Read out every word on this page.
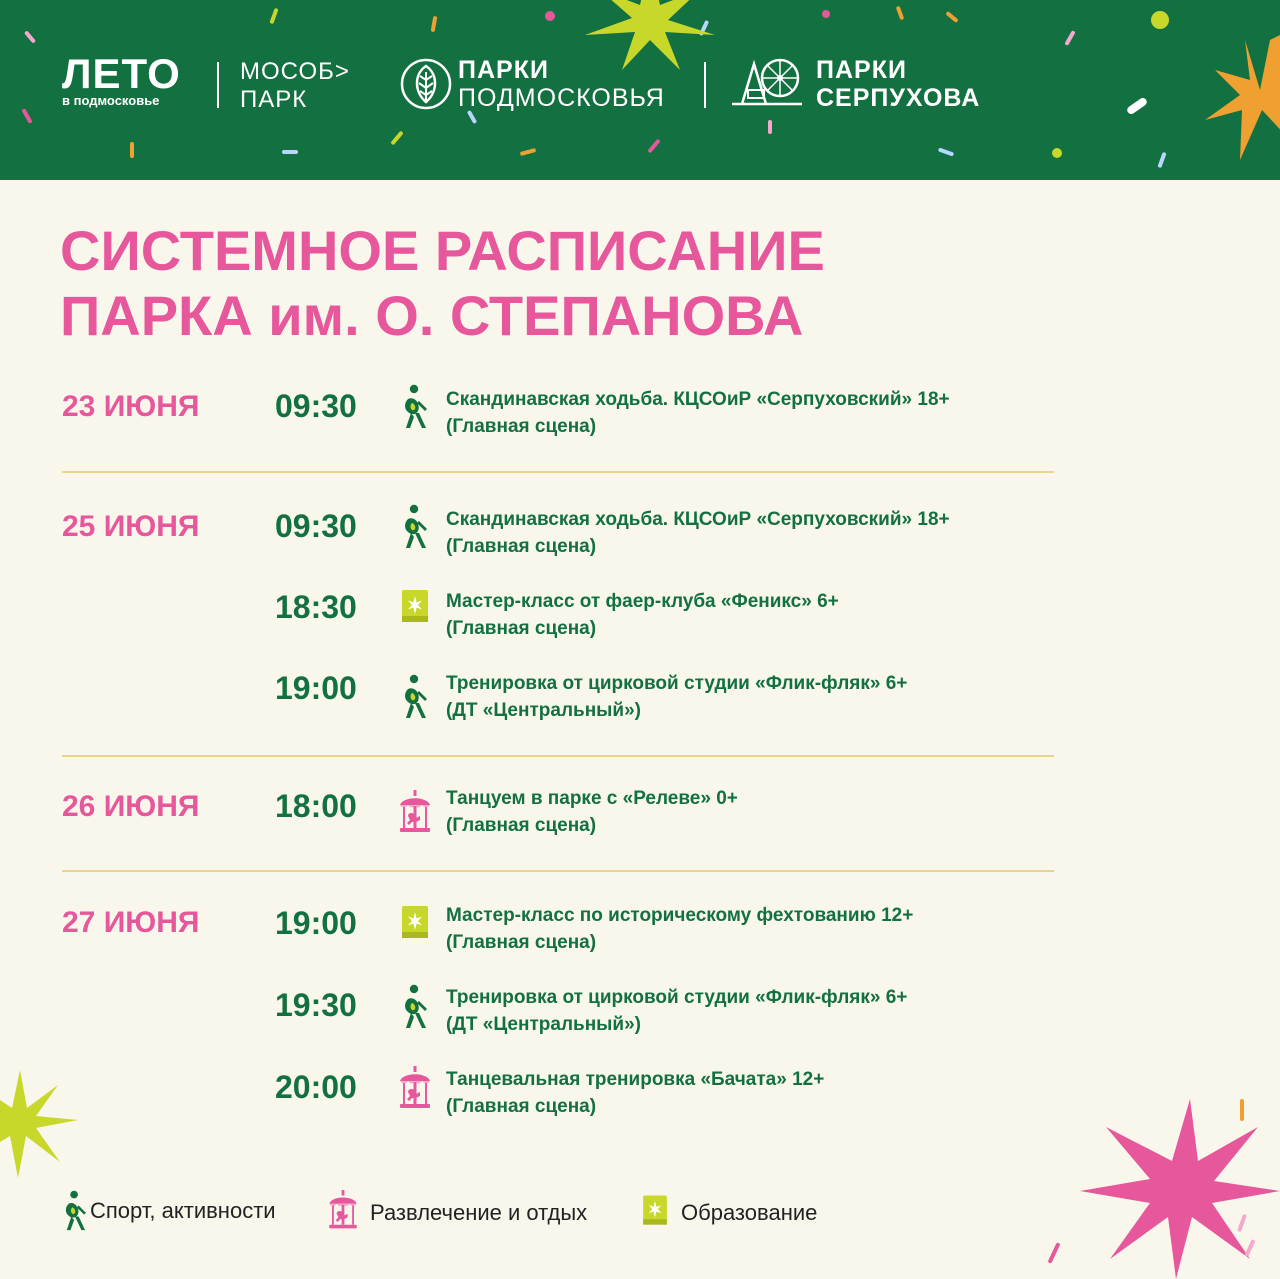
ЛЕТО
в подмосковье
МОСОБ>
ПАРК
ПАРКИ
ПОДМОСКОВЬЯ
ПАРКИ
СЕРПУХОВА
СИСТЕМНОЕ РАСПИСАНИЕ
ПАРКА им. О. СТЕПАНОВА
23 ИЮНЯ 09:30	Скандинавская ходьба. КЦСОиР «Серпуховский» 18+
(Главная сцена)
25 ИЮНЯ 09:30	Скандинавская ходьба. КЦСОиР «Серпуховский» 18+
(Главная сцена)
18:30	Мастер-класс от фаер-клуба «Феникс» 6+
(Главная сцена)
19:00	Тренировка от цирковой студии «Флик-фляк» 6+
(ДТ «Центральный»)
26 ИЮНЯ 18:00	Танцуем в парке с «Релеве» 0+
(Главная сцена)
27 ИЮНЯ 19:00	Мастер-класс по историческому фехтованию 12+
(Главная сцена)
19:30	Тренировка от цирковой студии «Флик-фляк» 6+
(ДТ «Центральный»)
20:00	Танцевальная тренировка «Бачата» 12+
(Главная сцена)
Спорт, активности	Развлечение и отдых	Образование
